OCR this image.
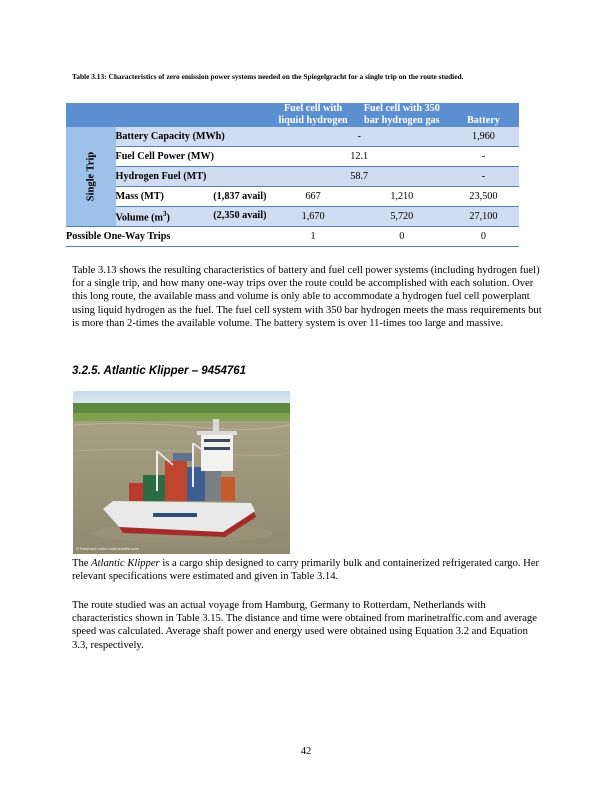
Table 3.13: Characteristics of zero emission power systems needed on the Spiegelgracht for a single trip on the route studied.
		Fuel cell with liquid hydrogen	Fuel cell with 350 bar hydrogen gas	Battery
Single Trip	Battery Capacity (MWh)	-		1,960
	Fuel Cell Power (MW)	12.1		-
	Hydrogen Fuel (MT)	58.7		-
	Mass (MT) (1,837 avail)	667	1,210	23,500
	Volume $(m^3)$ (2,350 avail)	1,670	5,720	27,100
Possible One-Way Trips		1	0	0

Table 3.13 shows the resulting characteristics of battery and fuel cell power systems (including hydrogen fuel) for a single trip, and how many one-way trips over the route could be accomplished with each solution. Over this long route, the available mass and volume is only able to accommodate a hydrogen fuel cell powerplant using liquid hydrogen as the fuel. The fuel cell system with 350 bar hydrogen meets the mass requirements but is more than 2-times the available volume. The battery system is over 11-times too large and massive.

3.2.5. Atlantic Klipper – 9454761
© Reinhard Lehm marinetraffic.com

The Atlantic Klipper is a cargo ship designed to carry primarily bulk and containerized refrigerated cargo. Her relevant specifications were estimated and given in Table 3.14.

The route studied was an actual voyage from Hamburg, Germany to Rotterdam, Netherlands with characteristics shown in Table 3.15. The distance and time were obtained from marinetraffic.com and average speed was calculated. Average shaft power and energy used were obtained using Equation 3.2 and Equation 3.3, respectively.

42
